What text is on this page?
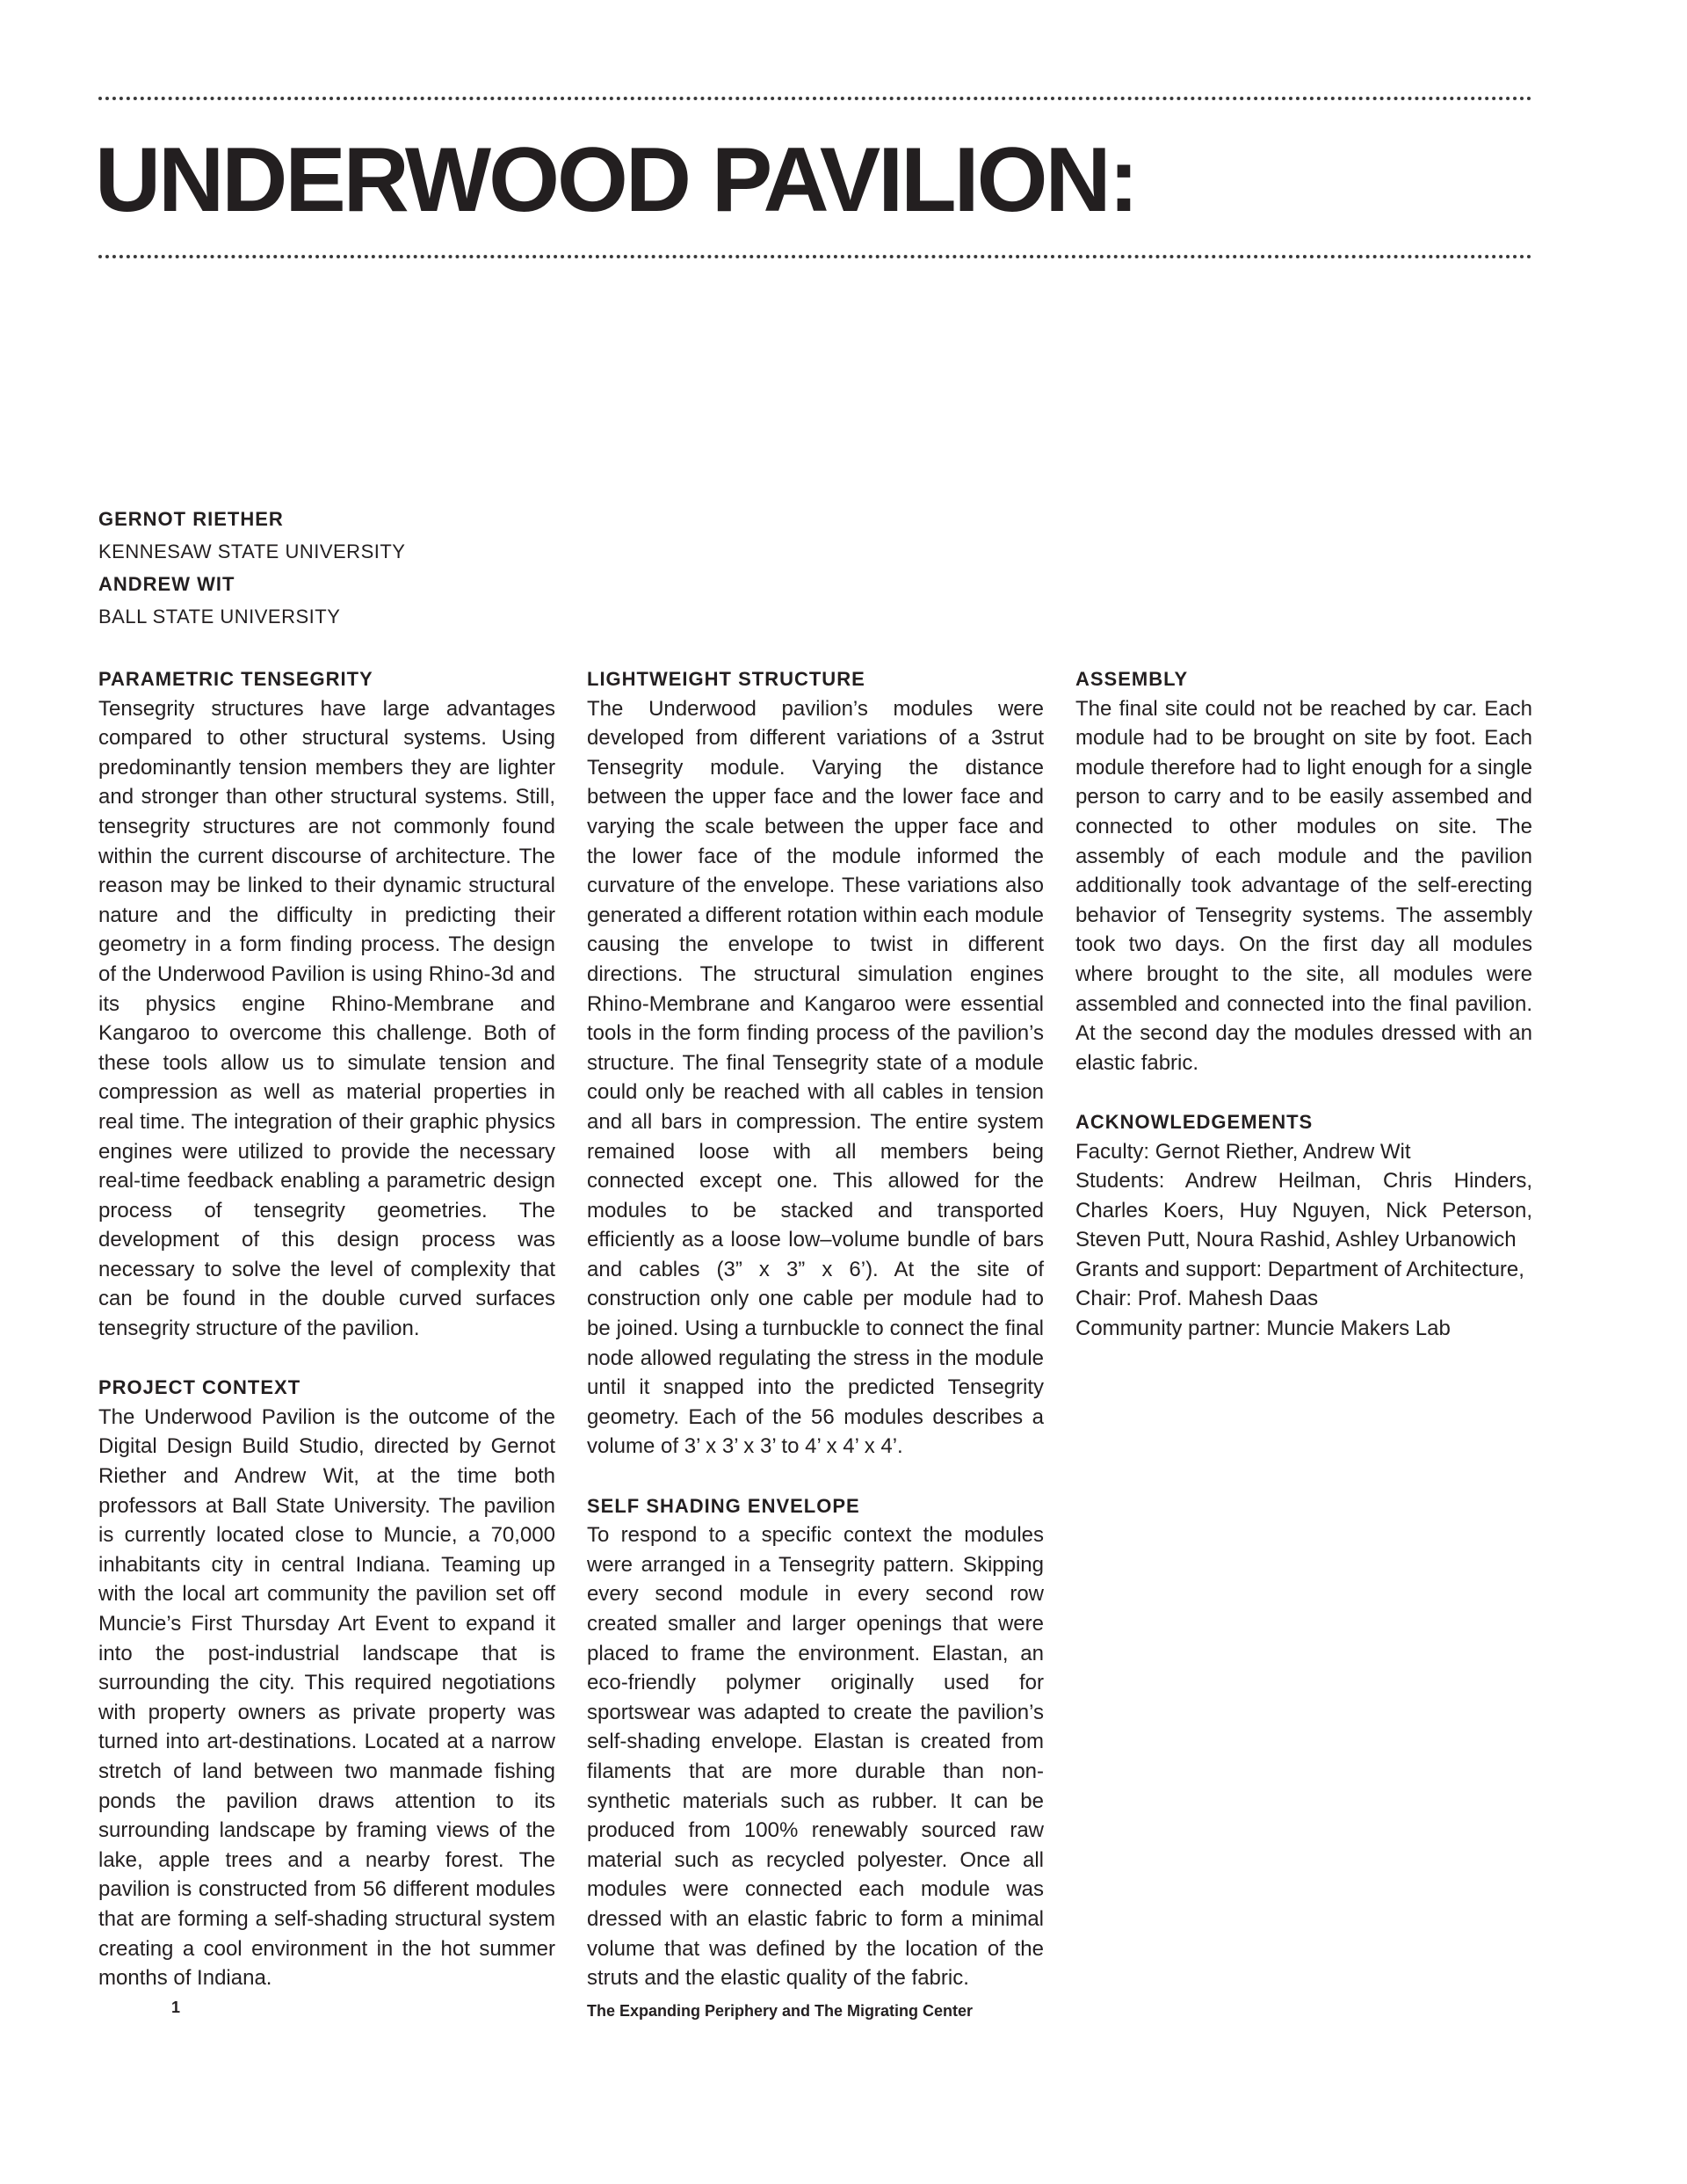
UNDERWOOD PAVILION:
GERNOT RIETHER
KENNESAW STATE UNIVERSITY
ANDREW WIT
BALL STATE UNIVERSITY
PARAMETRIC TENSEGRITY

Tensegrity structures have large advantages compared to other structural systems. Using predominantly tension members they are lighter and stronger than other structural systems. Still, tensegrity structures are not commonly found within the current discourse of architecture. The reason may be linked to their dynamic structural nature and the difficulty in predicting their geometry in a form finding process. The design of the Underwood Pavilion is using Rhino-3d and its physics engine Rhino-Membrane and Kangaroo to overcome this challenge. Both of these tools allow us to simulate tension and compression as well as material properties in real time. The integration of their graphic physics engines were utilized to provide the necessary real-time feedback enabling a parametric design process of tensegrity geometries. The development of this design process was necessary to solve the level of complexity that can be found in the double curved surfaces tensegrity structure of the pavilion.

PROJECT CONTEXT

The Underwood Pavilion is the outcome of the Digital Design Build Studio, directed by Gernot Riether and Andrew Wit, at the time both professors at Ball State University. The pavilion is currently located close to Muncie, a 70,000 inhabitants city in central Indiana. Teaming up with the local art community the pavilion set off Muncie’s First Thursday Art Event to expand it into the post-industrial landscape that is surrounding the city. This required negotiations with property owners as private property was turned into art-destinations. Located at a narrow stretch of land between two manmade fishing ponds the pavilion draws attention to its surrounding landscape by framing views of the lake, apple trees and a nearby forest. The pavilion is constructed from 56 different modules that are forming a self-shading structural system creating a cool environment in the hot summer months of Indiana.

LIGHTWEIGHT STRUCTURE

The Underwood pavilion’s modules were developed from different variations of a 3strut Tensegrity module. Varying the distance between the upper face and the lower face and varying the scale between the upper face and the lower face of the module informed the curvature of the envelope. These variations also generated a different rotation within each module causing the envelope to twist in different directions. The structural simulation engines Rhino-Membrane and Kangaroo were essential tools in the form finding process of the pavilion’s structure. The final Tensegrity state of a module could only be reached with all cables in tension and all bars in compression. The entire system remained loose with all members being connected except one. This allowed for the modules to be stacked and transported efficiently as a loose low–volume bundle of bars and cables (3” x 3” x 6’). At the site of construction only one cable per module had to be joined. Using a turnbuckle to connect the final node allowed regulating the stress in the module until it snapped into the predicted Tensegrity geometry. Each of the 56 modules describes a volume of 3’ x 3’ x 3’ to 4’ x 4’ x 4’.

SELF SHADING ENVELOPE

To respond to a specific context the modules were arranged in a Tensegrity pattern. Skipping every second module in every second row created smaller and larger openings that were placed to frame the environment. Elastan, an eco-friendly polymer originally used for sportswear was adapted to create the pavilion’s self-shading envelope. Elastan is created from filaments that are more durable than non-synthetic materials such as rubber. It can be produced from 100% renewably sourced raw material such as recycled polyester. Once all modules were connected each module was dressed with an elastic fabric to form a minimal volume that was defined by the location of the struts and the elastic quality of the fabric.

ASSEMBLY

The final site could not be reached by car. Each module had to be brought on site by foot. Each module therefore had to light enough for a single person to carry and to be easily assembed and connected to other modules on site. The assembly of each module and the pavilion additionally took advantage of the self-erecting behavior of Tensegrity systems. The assembly took two days. On the first day all modules where brought to the site, all modules were assembled and connected into the final pavilion. At the second day the modules dressed with an elastic fabric.

ACKNOWLEDGEMENTS
Faculty: Gernot Riether, Andrew Wit
Students: Andrew Heilman, Chris Hinders, Charles Koers, Huy Nguyen, Nick Peterson, Steven Putt, Noura Rashid, Ashley Urbanowich
Grants and support: Department of Architecture, Chair: Prof. Mahesh Daas
Community partner: Muncie Makers Lab
1	The Expanding Periphery and The Migrating Center
